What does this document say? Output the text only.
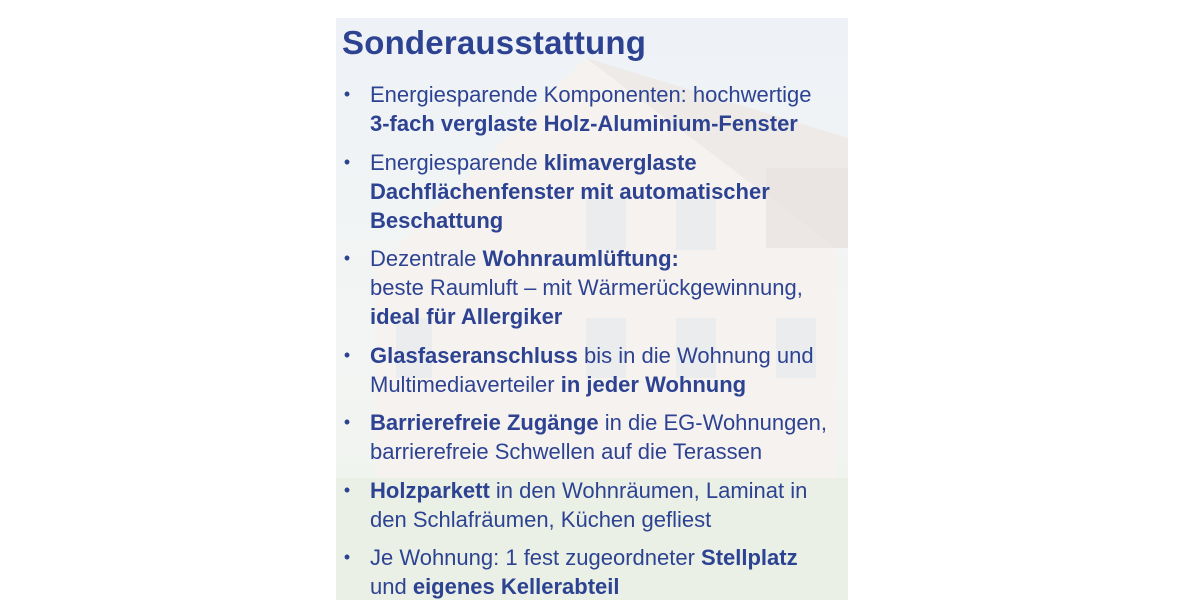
Sonderausstattung
• Energiesparende Komponenten: hochwertige
3-fach verglaste Holz-Aluminium-Fenster
• Energiesparende klimaverglaste
Dachflächenfenster mit automatischer
Beschattung
• Dezentrale Wohnraumlüftung:
beste Raumluft – mit Wärmerückgewinnung,
ideal für Allergiker
• Glasfaseranschluss bis in die Wohnung und
Multimediaverteiler in jeder Wohnung
• Barrierefreie Zugänge in die EG-Wohnungen,
barrierefreie Schwellen auf die Terassen
• Holzparkett in den Wohnräumen, Laminat in
den Schlafräumen, Küchen gefliest
• Je Wohnung: 1 fest zugeordneter Stellplatz
und eigenes Kellerabteil
